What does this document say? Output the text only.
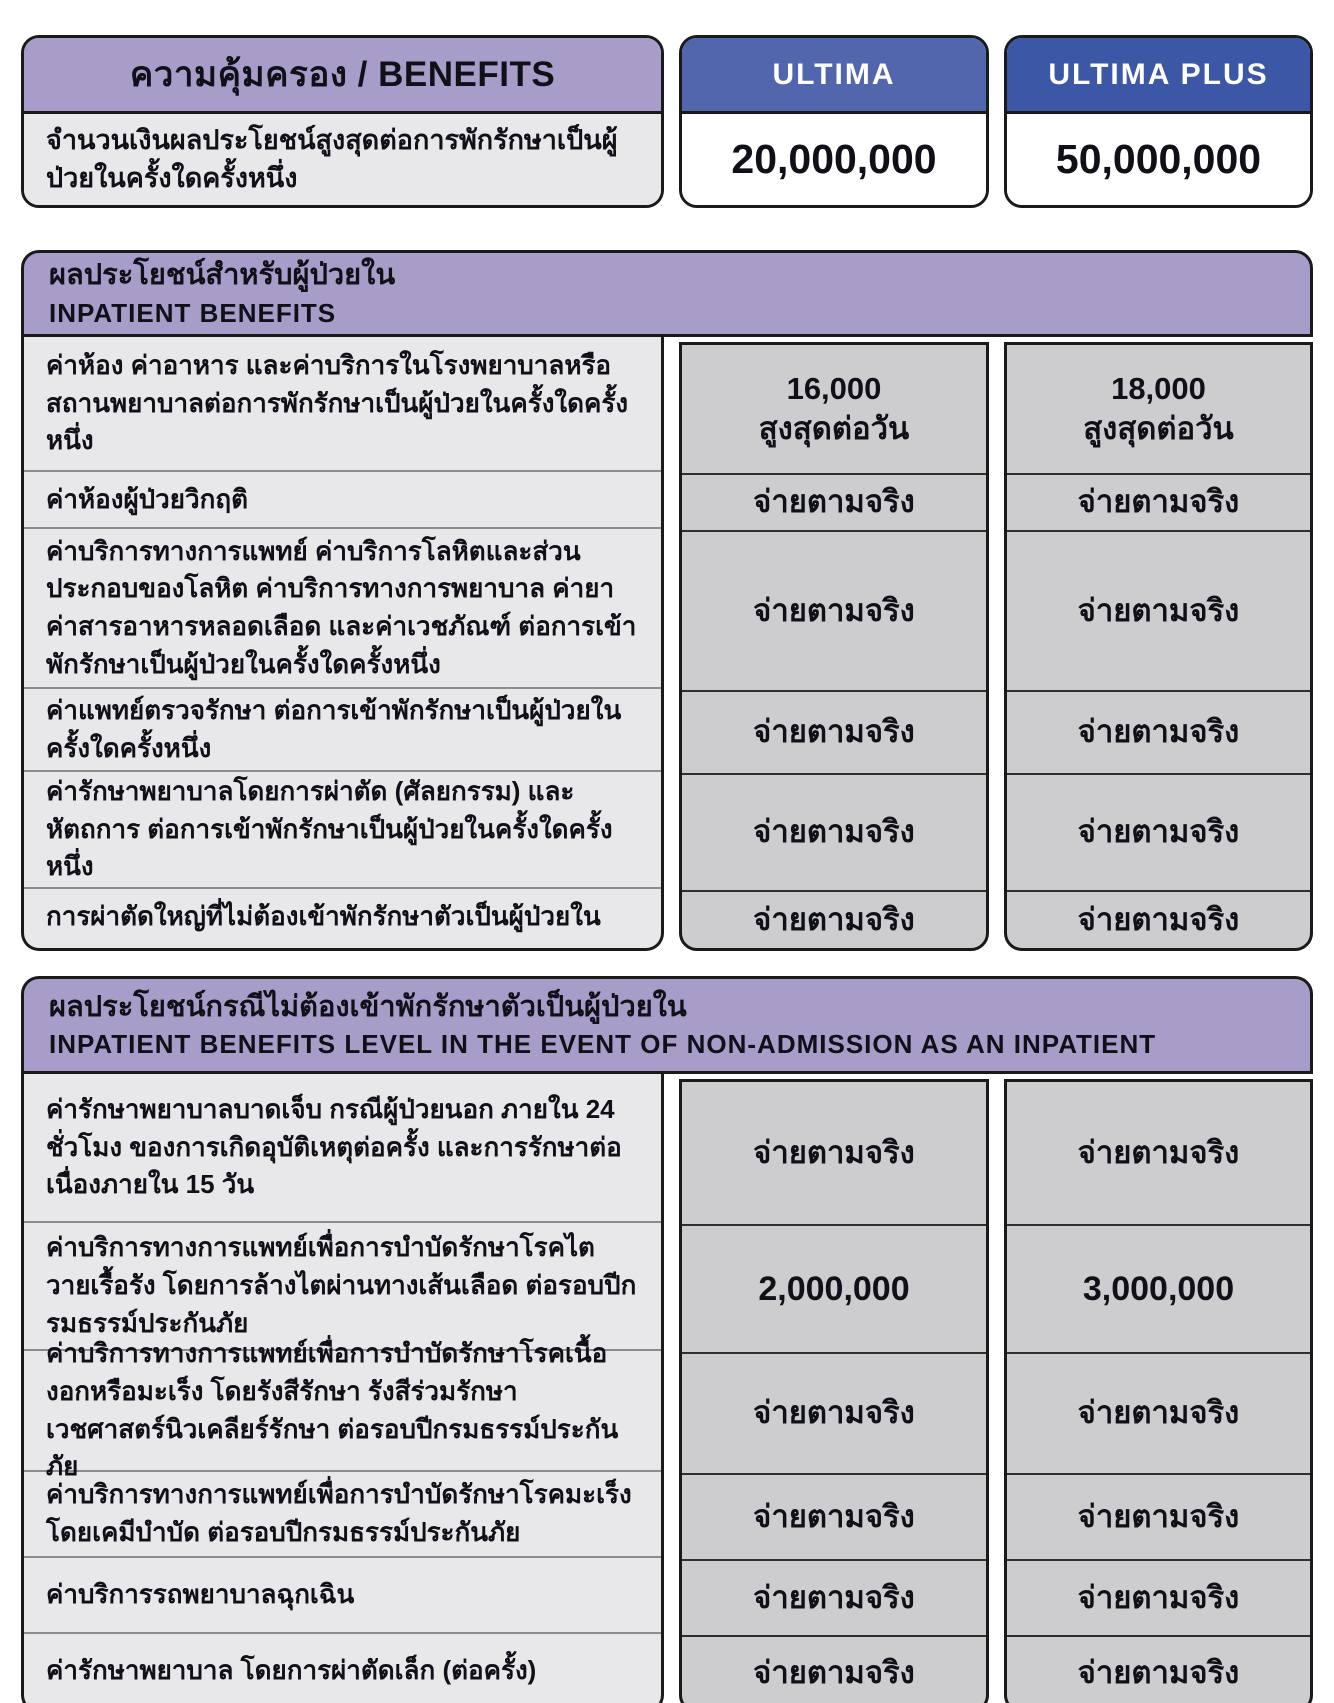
ความคุ้มครอง / BENEFITS
จำนวนเงินผลประโยชน์สูงสุดต่อการพักรักษาเป็นผู้ป่วยในครั้งใดครั้งหนึ่ง
ULTIMA
20,000,000
ULTIMA PLUS
50,000,000
ผลประโยชน์สำหรับผู้ป่วยใน
INPATIENT BENEFITS
ค่าห้อง ค่าอาหาร และค่าบริการในโรงพยาบาลหรือสถานพยาบาลต่อการพักรักษาเป็นผู้ป่วยในครั้งใดครั้งหนึ่ง
ค่าห้องผู้ป่วยวิกฤติ
ค่าบริการทางการแพทย์ ค่าบริการโลหิตและส่วนประกอบของโลหิต ค่าบริการทางการพยาบาล ค่ายา ค่าสารอาหารหลอดเลือด และค่าเวชภัณฑ์ ต่อการเข้าพักรักษาเป็นผู้ป่วยในครั้งใดครั้งหนึ่ง
ค่าแพทย์ตรวจรักษา ต่อการเข้าพักรักษาเป็นผู้ป่วยในครั้งใดครั้งหนึ่ง
ค่ารักษาพยาบาลโดยการผ่าตัด (ศัลยกรรม) และหัตถการ ต่อการเข้าพักรักษาเป็นผู้ป่วยในครั้งใดครั้งหนึ่ง
การผ่าตัดใหญ่ที่ไม่ต้องเข้าพักรักษาตัวเป็นผู้ป่วยใน
16,000
สูงสุดต่อวัน
จ่ายตามจริง
จ่ายตามจริง
จ่ายตามจริง
จ่ายตามจริง
จ่ายตามจริง
18,000
สูงสุดต่อวัน
จ่ายตามจริง
จ่ายตามจริง
จ่ายตามจริง
จ่ายตามจริง
จ่ายตามจริง
ผลประโยชน์กรณีไม่ต้องเข้าพักรักษาตัวเป็นผู้ป่วยใน
INPATIENT BENEFITS LEVEL IN THE EVENT OF NON-ADMISSION AS AN INPATIENT
ค่ารักษาพยาบาลบาดเจ็บ กรณีผู้ป่วยนอก ภายใน 24 ชั่วโมง ของการเกิดอุบัติเหตุต่อครั้ง และการรักษาต่อเนื่องภายใน 15 วัน
ค่าบริการทางการแพทย์เพื่อการบำบัดรักษาโรคไตวายเรื้อรัง โดยการล้างไตผ่านทางเส้นเลือด ต่อรอบปีกรมธรรม์ประกันภัย
ค่าบริการทางการแพทย์เพื่อการบำบัดรักษาโรคเนื้องอกหรือมะเร็ง โดยรังสีรักษา รังสีร่วมรักษา เวชศาสตร์นิวเคลียร์รักษา ต่อรอบปีกรมธรรม์ประกันภัย
ค่าบริการทางการแพทย์เพื่อการบำบัดรักษาโรคมะเร็งโดยเคมีบำบัด ต่อรอบปีกรมธรรม์ประกันภัย
ค่าบริการรถพยาบาลฉุกเฉิน
ค่ารักษาพยาบาล โดยการผ่าตัดเล็ก (ต่อครั้ง)
จ่ายตามจริง
2,000,000
จ่ายตามจริง
จ่ายตามจริง
จ่ายตามจริง
จ่ายตามจริง
จ่ายตามจริง
3,000,000
จ่ายตามจริง
จ่ายตามจริง
จ่ายตามจริง
จ่ายตามจริง
